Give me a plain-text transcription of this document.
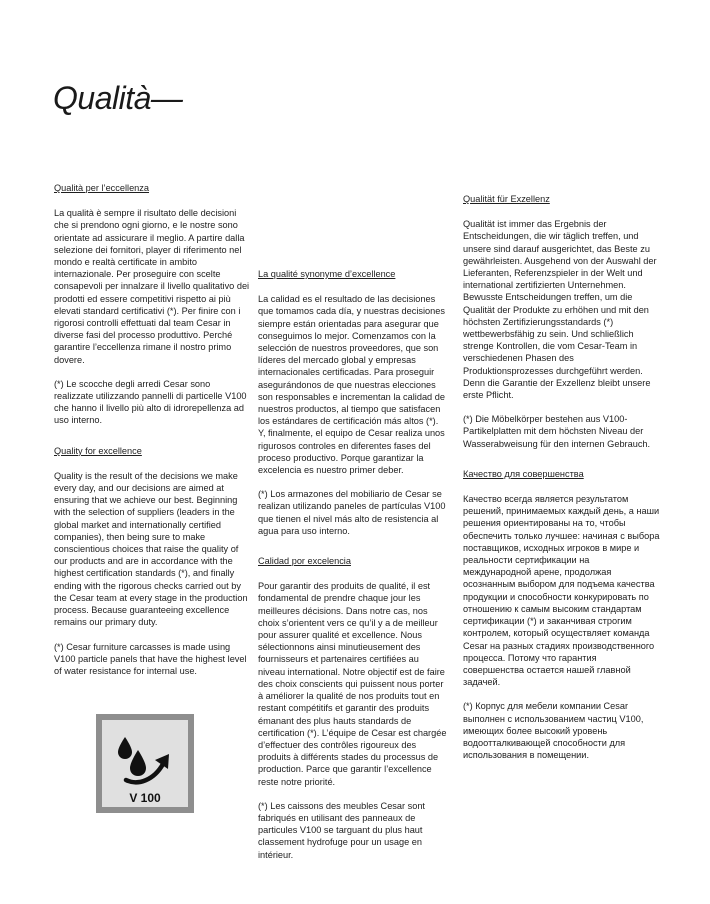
Qualità—
Qualità per l’eccellenza

La qualità è sempre il risultato delle decisioni che si prendono ogni giorno, e le nostre sono orientate ad assicurare il meglio. A partire dalla selezione dei fornitori, player di riferimento nel mondo e realtà certificate in ambito internazionale. Per proseguire con scelte consapevoli per innalzare il livello qualitativo dei prodotti ed essere competitivi rispetto ai più elevati standard certificativi (*). Per finire con i rigorosi controlli effettuati dal team Cesar in diverse fasi del processo produttivo. Perché garantire l’eccellenza rimane il nostro primo dovere.

(*) Le scocche degli arredi Cesar sono realizzate utilizzando pannelli di particelle V100 che hanno il livello più alto di idrorepellenza ad uso interno.

Quality for excellence

Quality is the result of the decisions we make every day, and our decisions are aimed at ensuring that we achieve our best. Beginning with the selection of suppliers (leaders in the global market and internationally certified companies), then being sure to make conscientious choices that raise the quality of our products and are in accordance with the highest certification standards (*), and finally ending with the rigorous checks carried out by the Cesar team at every stage in the production process. Because guaranteeing excellence remains our primary duty.

(*) Cesar furniture carcasses is made using V100 particle panels that have the highest level of water resistance for internal use.

La qualité synonyme d’excellence

La calidad es el resultado de las decisiones que tomamos cada día, y nuestras decisiones siempre están orientadas para asegurar que conseguimos lo mejor. Comenzamos con la selección de nuestros proveedores, que son líderes del mercado global y empresas internacionales certificadas. Para proseguir asegurándonos de que nuestras elecciones son responsables e incrementan la calidad de nuestros productos, al tiempo que satisfacen los estándares de certificación más altos (*). Y, finalmente, el equipo de Cesar realiza unos rigurosos controles en diferentes fases del proceso productivo. Porque garantizar la excelencia es nuestro primer deber.

(*) Los armazones del mobiliario de Cesar se realizan utilizando paneles de partículas V100 que tienen el nivel más alto de resistencia al agua para uso interno.

Calidad por excelencia

Pour garantir des produits de qualité, il est fondamental de prendre chaque jour les meilleures décisions. Dans notre cas, nos choix s’orientent vers ce qu’il y a de meilleur pour assurer qualité et excellence. Nous sélectionnons ainsi minutieusement des fournisseurs et partenaires certifiées au niveau international. Notre objectif est de faire des choix conscients qui puissent nous porter à améliorer la qualité de nos produits tout en restant compétitifs et garantir des produits émanant des plus hauts standards de certification (*). L’équipe de Cesar est chargée d’effectuer des contrôles rigoureux des produits à différents stades du processus de production. Parce que garantir l’excellence reste notre priorité.

(*) Les caissons des meubles Cesar sont fabriqués en utilisant des panneaux de particules V100 se targuant du plus haut classement hydrofuge pour un usage en intérieur.

Qualität für Exzellenz

Qualität ist immer das Ergebnis der Entscheidungen, die wir täglich treffen, und unsere sind darauf ausgerichtet, das Beste zu gewährleisten. Ausgehend von der Auswahl der Lieferanten, Referenzspieler in der Welt und international zertifizierten Unternehmen. Bewusste Entscheidungen treffen, um die Qualität der Produkte zu erhöhen und mit den höchsten Zertifizierungsstandards (*) wettbewerbsfähig zu sein. Und schließlich strenge Kontrollen, die vom Cesar-Team in verschiedenen Phasen des Produktionsprozesses durchgeführt werden. Denn die Garantie der Exzellenz bleibt unsere erste Pflicht.

(*) Die Möbelkörper bestehen aus V100-Partikelplatten mit dem höchsten Niveau der Wasserabweisung für den internen Gebrauch.

Качество для совершенства

Качество всегда является результатом решений, принимаемых каждый день, а наши решения ориентированы на то, чтобы обеспечить только лучшее: начиная с выбора поставщиков, исходных игроков в мире и реальности сертификации на международной арене, продолжая осознанным выбором для подъема качества продукции и способности конкурировать по отношению к самым высоким стандартам сертификации (*) и заканчивая строгим контролем, который осуществляет команда Cesar на разных стадиях производственного процесса. Потому что гарантия совершенства остается нашей главной задачей.

(*) Корпус для мебели компании Cesar выполнен с использованием частиц V100, имеющих более высокий уровень водоотталкивающей способности для использования в помещении.

V 100
